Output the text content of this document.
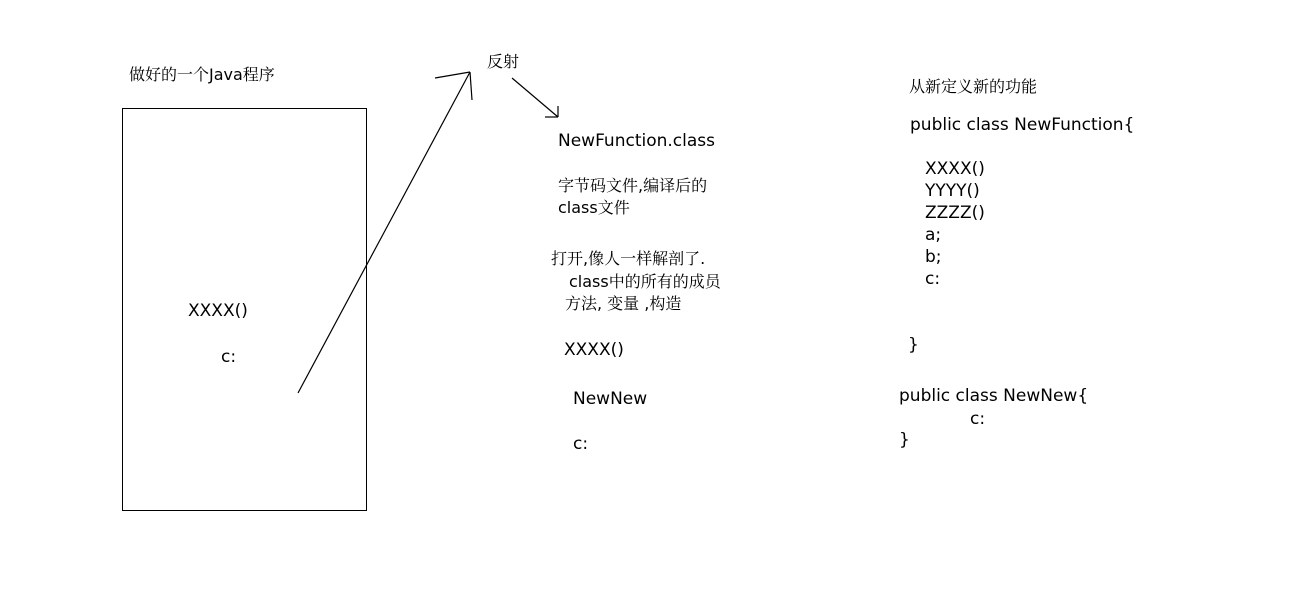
做好的一个Java程序
XXXX()
c:
反射
NewFunction.class
字节码文件,编译后的
class文件
打开,像人一样解剖了.
class中的所有的成员
方法, 变量 ,构造
XXXX()
NewNew
c:
从新定义新的功能
public class NewFunction{
XXXX()
YYYY()
ZZZZ()
a;
b;
c:
}
public class NewNew{
c:
}
